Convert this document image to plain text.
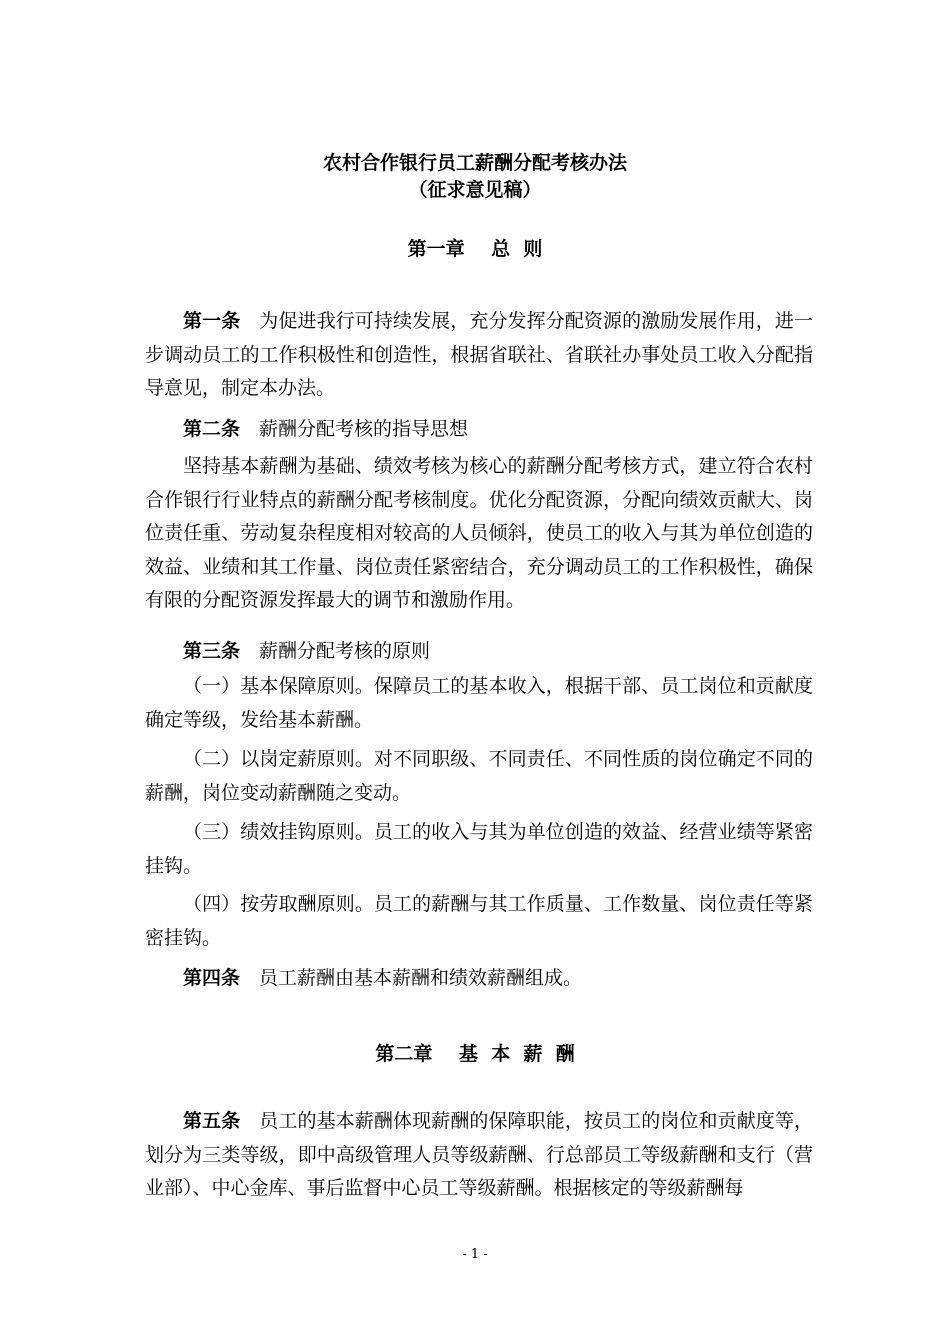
农村合作银行员工薪酬分配考核办法
（征求意见稿）
第一章    总  则

第一条 为促进我行可持续发展，充分发挥分配资源的激励发展作用，进一步调动员工的工作积极性和创造性，根据省联社、省联社办事处员工收入分配指导意见，制定本办法。

第二条 薪酬分配考核的指导思想

坚持基本薪酬为基础、绩效考核为核心的薪酬分配考核方式，建立符合农村合作银行行业特点的薪酬分配考核制度。优化分配资源，分配向绩效贡献大、岗位责任重、劳动复杂程度相对较高的人员倾斜，使员工的收入与其为单位创造的效益、业绩和其工作量、岗位责任紧密结合，充分调动员工的工作积极性，确保有限的分配资源发挥最大的调节和激励作用。

第三条 薪酬分配考核的原则

（一）基本保障原则。保障员工的基本收入，根据干部、员工岗位和贡献度确定等级，发给基本薪酬。

（二）以岗定薪原则。对不同职级、不同责任、不同性质的岗位确定不同的薪酬，岗位变动薪酬随之变动。

（三）绩效挂钩原则。员工的收入与其为单位创造的效益、经营业绩等紧密挂钩。

（四）按劳取酬原则。员工的薪酬与其工作质量、工作数量、岗位责任等紧密挂钩。

第四条 员工薪酬由基本薪酬和绩效薪酬组成。

第二章    基  本  薪  酬

第五条 员工的基本薪酬体现薪酬的保障职能，按员工的岗位和贡献度等，划分为三类等级，即中高级管理人员等级薪酬、行总部员工等级薪酬和支行（营业部）、中心金库、事后监督中心员工等级薪酬。根据核定的等级薪酬每

- 1 -
